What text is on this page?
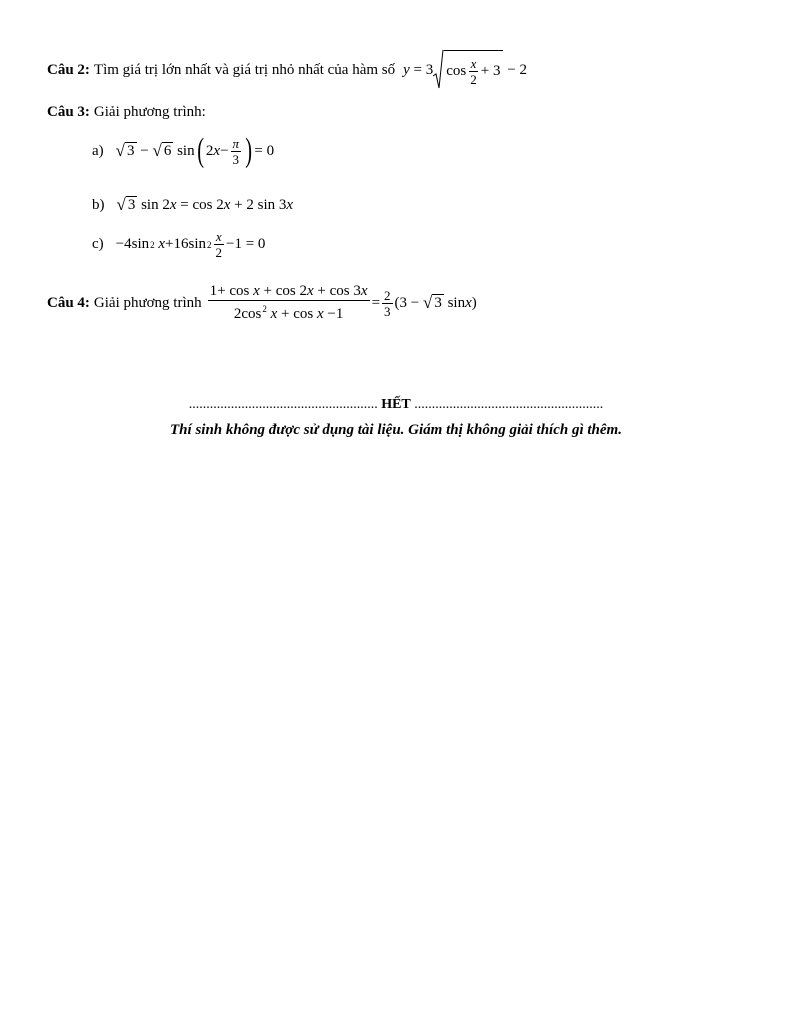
Câu 2: Tìm giá trị lớn nhất và giá trị nhỏ nhất của hàm số y = 3 $\cos \frac{x}{2} + 3 - 2$
Câu 3: Giải phương trình:
a) √ 3 − √ 6 sin ( 2 $x - \frac{\pi}{3}$ ) = 0
b) √ 3 sin 2 x = cos 2 x + 2 sin 3 x
c) −4sin 2
x +16sin $2 \frac{x}{2} -1 = 0$
Câu 4: Giải phương trình $\frac{\text{1+ cos x + cos 2x + cos 3x}}{2\cos^2 x + \cos x -1} = \frac{2}{3} (3$ − √ 3 sin x )
...................................................... HẾT ......................................................
Thí sinh không được sử dụng tài liệu. Giám thị không giải thích gì thêm.
